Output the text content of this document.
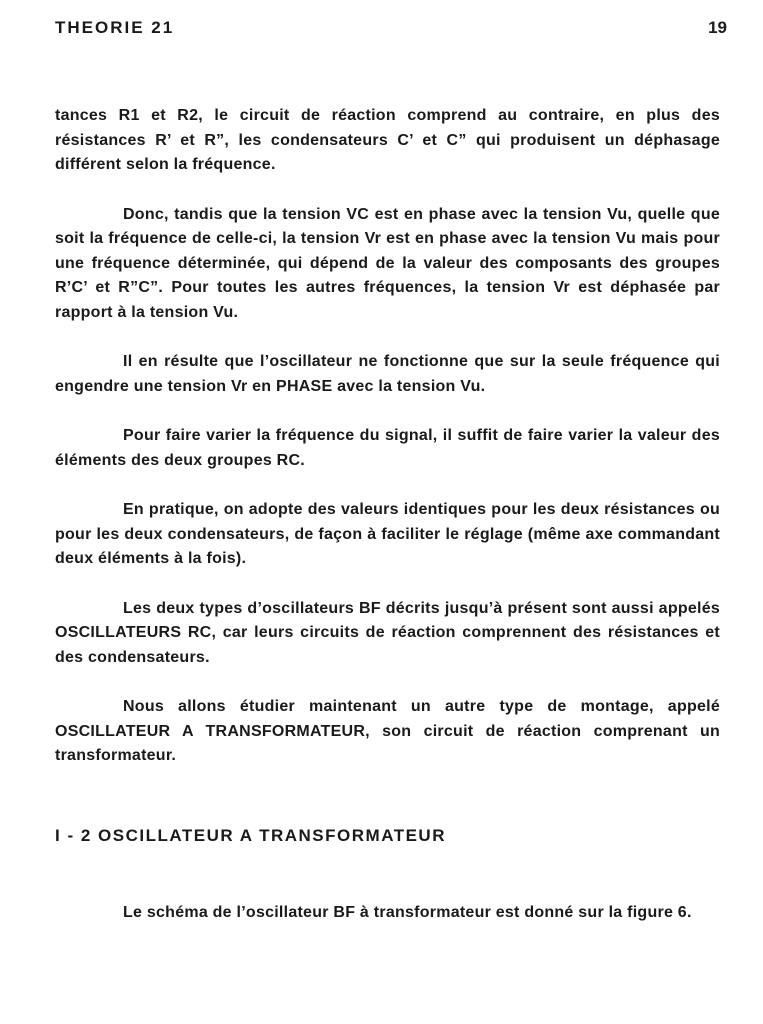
THEORIE 21	19

tances R1 et R2, le circuit de réaction comprend au contraire, en plus des résistances R’ et R”, les condensateurs C’ et C” qui produisent un déphasage différent selon la fréquence.

Donc, tandis que la tension VC est en phase avec la tension Vu, quelle que soit la fréquence de celle-ci, la tension Vr est en phase avec la tension Vu mais pour une fréquence déterminée, qui dépend de la valeur des composants des groupes R’C’ et R”C”. Pour toutes les autres fréquences, la tension Vr est déphasée par rapport à la tension Vu.

Il en résulte que l’oscillateur ne fonctionne que sur la seule fréquence qui engendre une tension Vr en PHASE avec la tension Vu.

Pour faire varier la fréquence du signal, il suffit de faire varier la valeur des éléments des deux groupes RC.

En pratique, on adopte des valeurs identiques pour les deux résistances ou pour les deux condensateurs, de façon à faciliter le réglage (même axe commandant deux éléments à la fois).

Les deux types d’oscillateurs BF décrits jusqu’à présent sont aussi appelés OSCILLATEURS RC, car leurs circuits de réaction comprennent des résistances et des condensateurs.

Nous allons étudier maintenant un autre type de montage, appelé OSCILLATEUR A TRANSFORMATEUR, son circuit de réaction comprenant un transformateur.

I - 2 OSCILLATEUR A TRANSFORMATEUR

Le schéma de l’oscillateur BF à transformateur est donné sur la figure 6.
